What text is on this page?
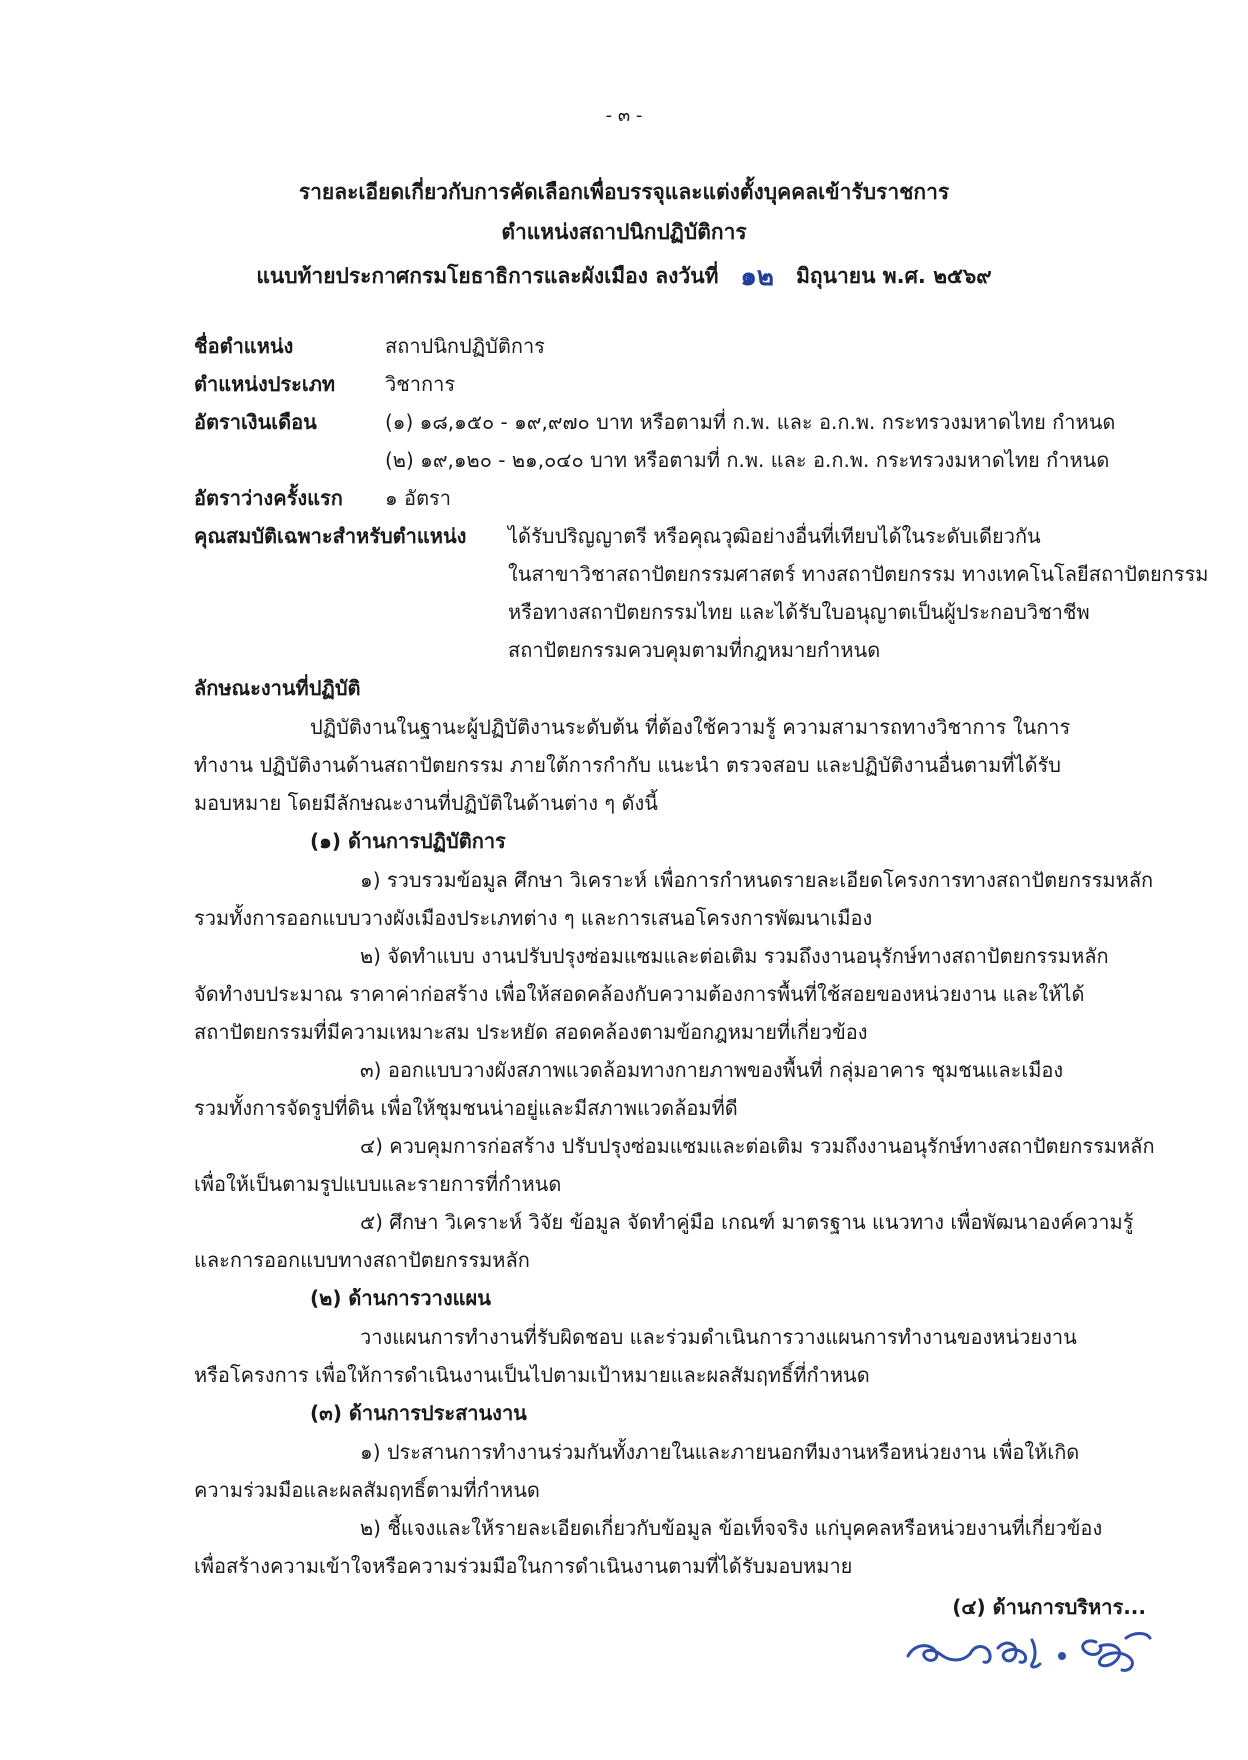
- ๓ -
รายละเอียดเกี่ยวกับการคัดเลือกเพื่อบรรจุและแต่งตั้งบุคคลเข้ารับราชการ
ตำแหน่งสถาปนิกปฏิบัติการ
แนบท้ายประกาศกรมโยธาธิการและผังเมือง ลงวันที่ ๑๒ มิถุนายน พ.ศ. ๒๕๖๙
ชื่อตำแหน่ง	สถาปนิกปฏิบัติการ
ตำแหน่งประเภท วิชาการ
อัตราเงินเดือน	(๑) ๑๘,๑๕๐ - ๑๙,๙๗๐ บาท หรือตามที่ ก.พ. และ อ.ก.พ. กระทรวงมหาดไทย กำหนด
(๒) ๑๙,๑๒๐ - ๒๑,๐๔๐ บาท หรือตามที่ ก.พ. และ อ.ก.พ. กระทรวงมหาดไทย กำหนด
อัตราว่างครั้งแรก ๑ อัตรา
คุณสมบัติเฉพาะสำหรับตำแหน่ง ได้รับปริญญาตรี หรือคุณวุฒิอย่างอื่นที่เทียบได้ในระดับเดียวกัน
ในสาขาวิชาสถาปัตยกรรมศาสตร์ ทางสถาปัตยกรรม ทางเทคโนโลยีสถาปัตยกรรม
หรือทางสถาปัตยกรรมไทย และได้รับใบอนุญาตเป็นผู้ประกอบวิชาชีพ
สถาปัตยกรรมควบคุมตามที่กฎหมายกำหนด
ลักษณะงานที่ปฏิบัติ
ปฏิบัติงานในฐานะผู้ปฏิบัติงานระดับต้น ที่ต้องใช้ความรู้ ความสามารถทางวิชาการ ในการ
ทำงาน ปฏิบัติงานด้านสถาปัตยกรรม ภายใต้การกำกับ แนะนำ ตรวจสอบ และปฏิบัติงานอื่นตามที่ได้รับ
มอบหมาย โดยมีลักษณะงานที่ปฏิบัติในด้านต่าง ๆ ดังนี้
(๑) ด้านการปฏิบัติการ
๑) รวบรวมข้อมูล ศึกษา วิเคราะห์ เพื่อการกำหนดรายละเอียดโครงการทางสถาปัตยกรรมหลัก
รวมทั้งการออกแบบวางผังเมืองประเภทต่าง ๆ และการเสนอโครงการพัฒนาเมือง
๒) จัดทำแบบ งานปรับปรุงซ่อมแซมและต่อเติม รวมถึงงานอนุรักษ์ทางสถาปัตยกรรมหลัก
จัดทำงบประมาณ ราคาค่าก่อสร้าง เพื่อให้สอดคล้องกับความต้องการพื้นที่ใช้สอยของหน่วยงาน และให้ได้
สถาปัตยกรรมที่มีความเหมาะสม ประหยัด สอดคล้องตามข้อกฎหมายที่เกี่ยวข้อง
๓) ออกแบบวางผังสภาพแวดล้อมทางกายภาพของพื้นที่ กลุ่มอาคาร ชุมชนและเมือง
รวมทั้งการจัดรูปที่ดิน เพื่อให้ชุมชนน่าอยู่และมีสภาพแวดล้อมที่ดี
๔) ควบคุมการก่อสร้าง ปรับปรุงซ่อมแซมและต่อเติม รวมถึงงานอนุรักษ์ทางสถาปัตยกรรมหลัก
เพื่อให้เป็นตามรูปแบบและรายการที่กำหนด
๕) ศึกษา วิเคราะห์ วิจัย ข้อมูล จัดทำคู่มือ เกณฑ์ มาตรฐาน แนวทาง เพื่อพัฒนาองค์ความรู้
และการออกแบบทางสถาปัตยกรรมหลัก
(๒) ด้านการวางแผน
วางแผนการทำงานที่รับผิดชอบ และร่วมดำเนินการวางแผนการทำงานของหน่วยงาน
หรือโครงการ เพื่อให้การดำเนินงานเป็นไปตามเป้าหมายและผลสัมฤทธิ์ที่กำหนด
(๓) ด้านการประสานงาน
๑) ประสานการทำงานร่วมกันทั้งภายในและภายนอกทีมงานหรือหน่วยงาน เพื่อให้เกิด
ความร่วมมือและผลสัมฤทธิ์ตามที่กำหนด
๒) ชี้แจงและให้รายละเอียดเกี่ยวกับข้อมูล ข้อเท็จจริง แก่บุคคลหรือหน่วยงานที่เกี่ยวข้อง
เพื่อสร้างความเข้าใจหรือความร่วมมือในการดำเนินงานตามที่ได้รับมอบหมาย
(๔) ด้านการบริหาร...
